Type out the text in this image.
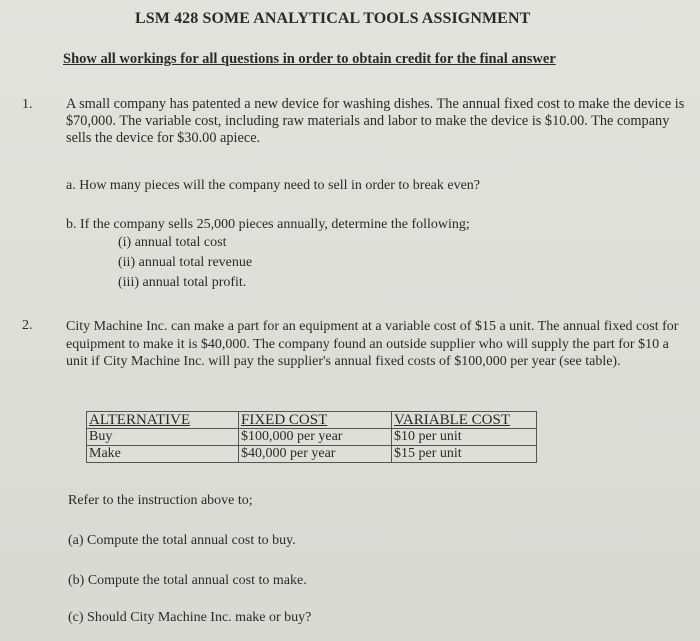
LSM 428 SOME ANALYTICAL TOOLS ASSIGNMENT
Show all workings for all questions in order to obtain credit for the final answer
1. A small company has patented a new device for washing dishes. The annual fixed cost to make the device is $70,000. The variable cost, including raw materials and labor to make the device is $10.00. The company sells the device for $30.00 apiece.
a. How many pieces will the company need to sell in order to break even?
b. If the company sells 25,000 pieces annually, determine the following;
(i) annual total cost
(ii) annual total revenue
(iii) annual total profit.
2. City Machine Inc. can make a part for an equipment at a variable cost of $15 a unit. The annual fixed cost for equipment to make it is $40,000. The company found an outside supplier who will supply the part for $10 a unit if City Machine Inc. will pay the supplier's annual fixed costs of $100,000 per year (see table).
ALTERNATIVE	FIXED COST	VARIABLE COST
Buy	$100,000 per year	$10 per unit
Make	$40,000 per year	$15 per unit
Refer to the instruction above to;
(a) Compute the total annual cost to buy.
(b) Compute the total annual cost to make.
(c) Should City Machine Inc. make or buy?
